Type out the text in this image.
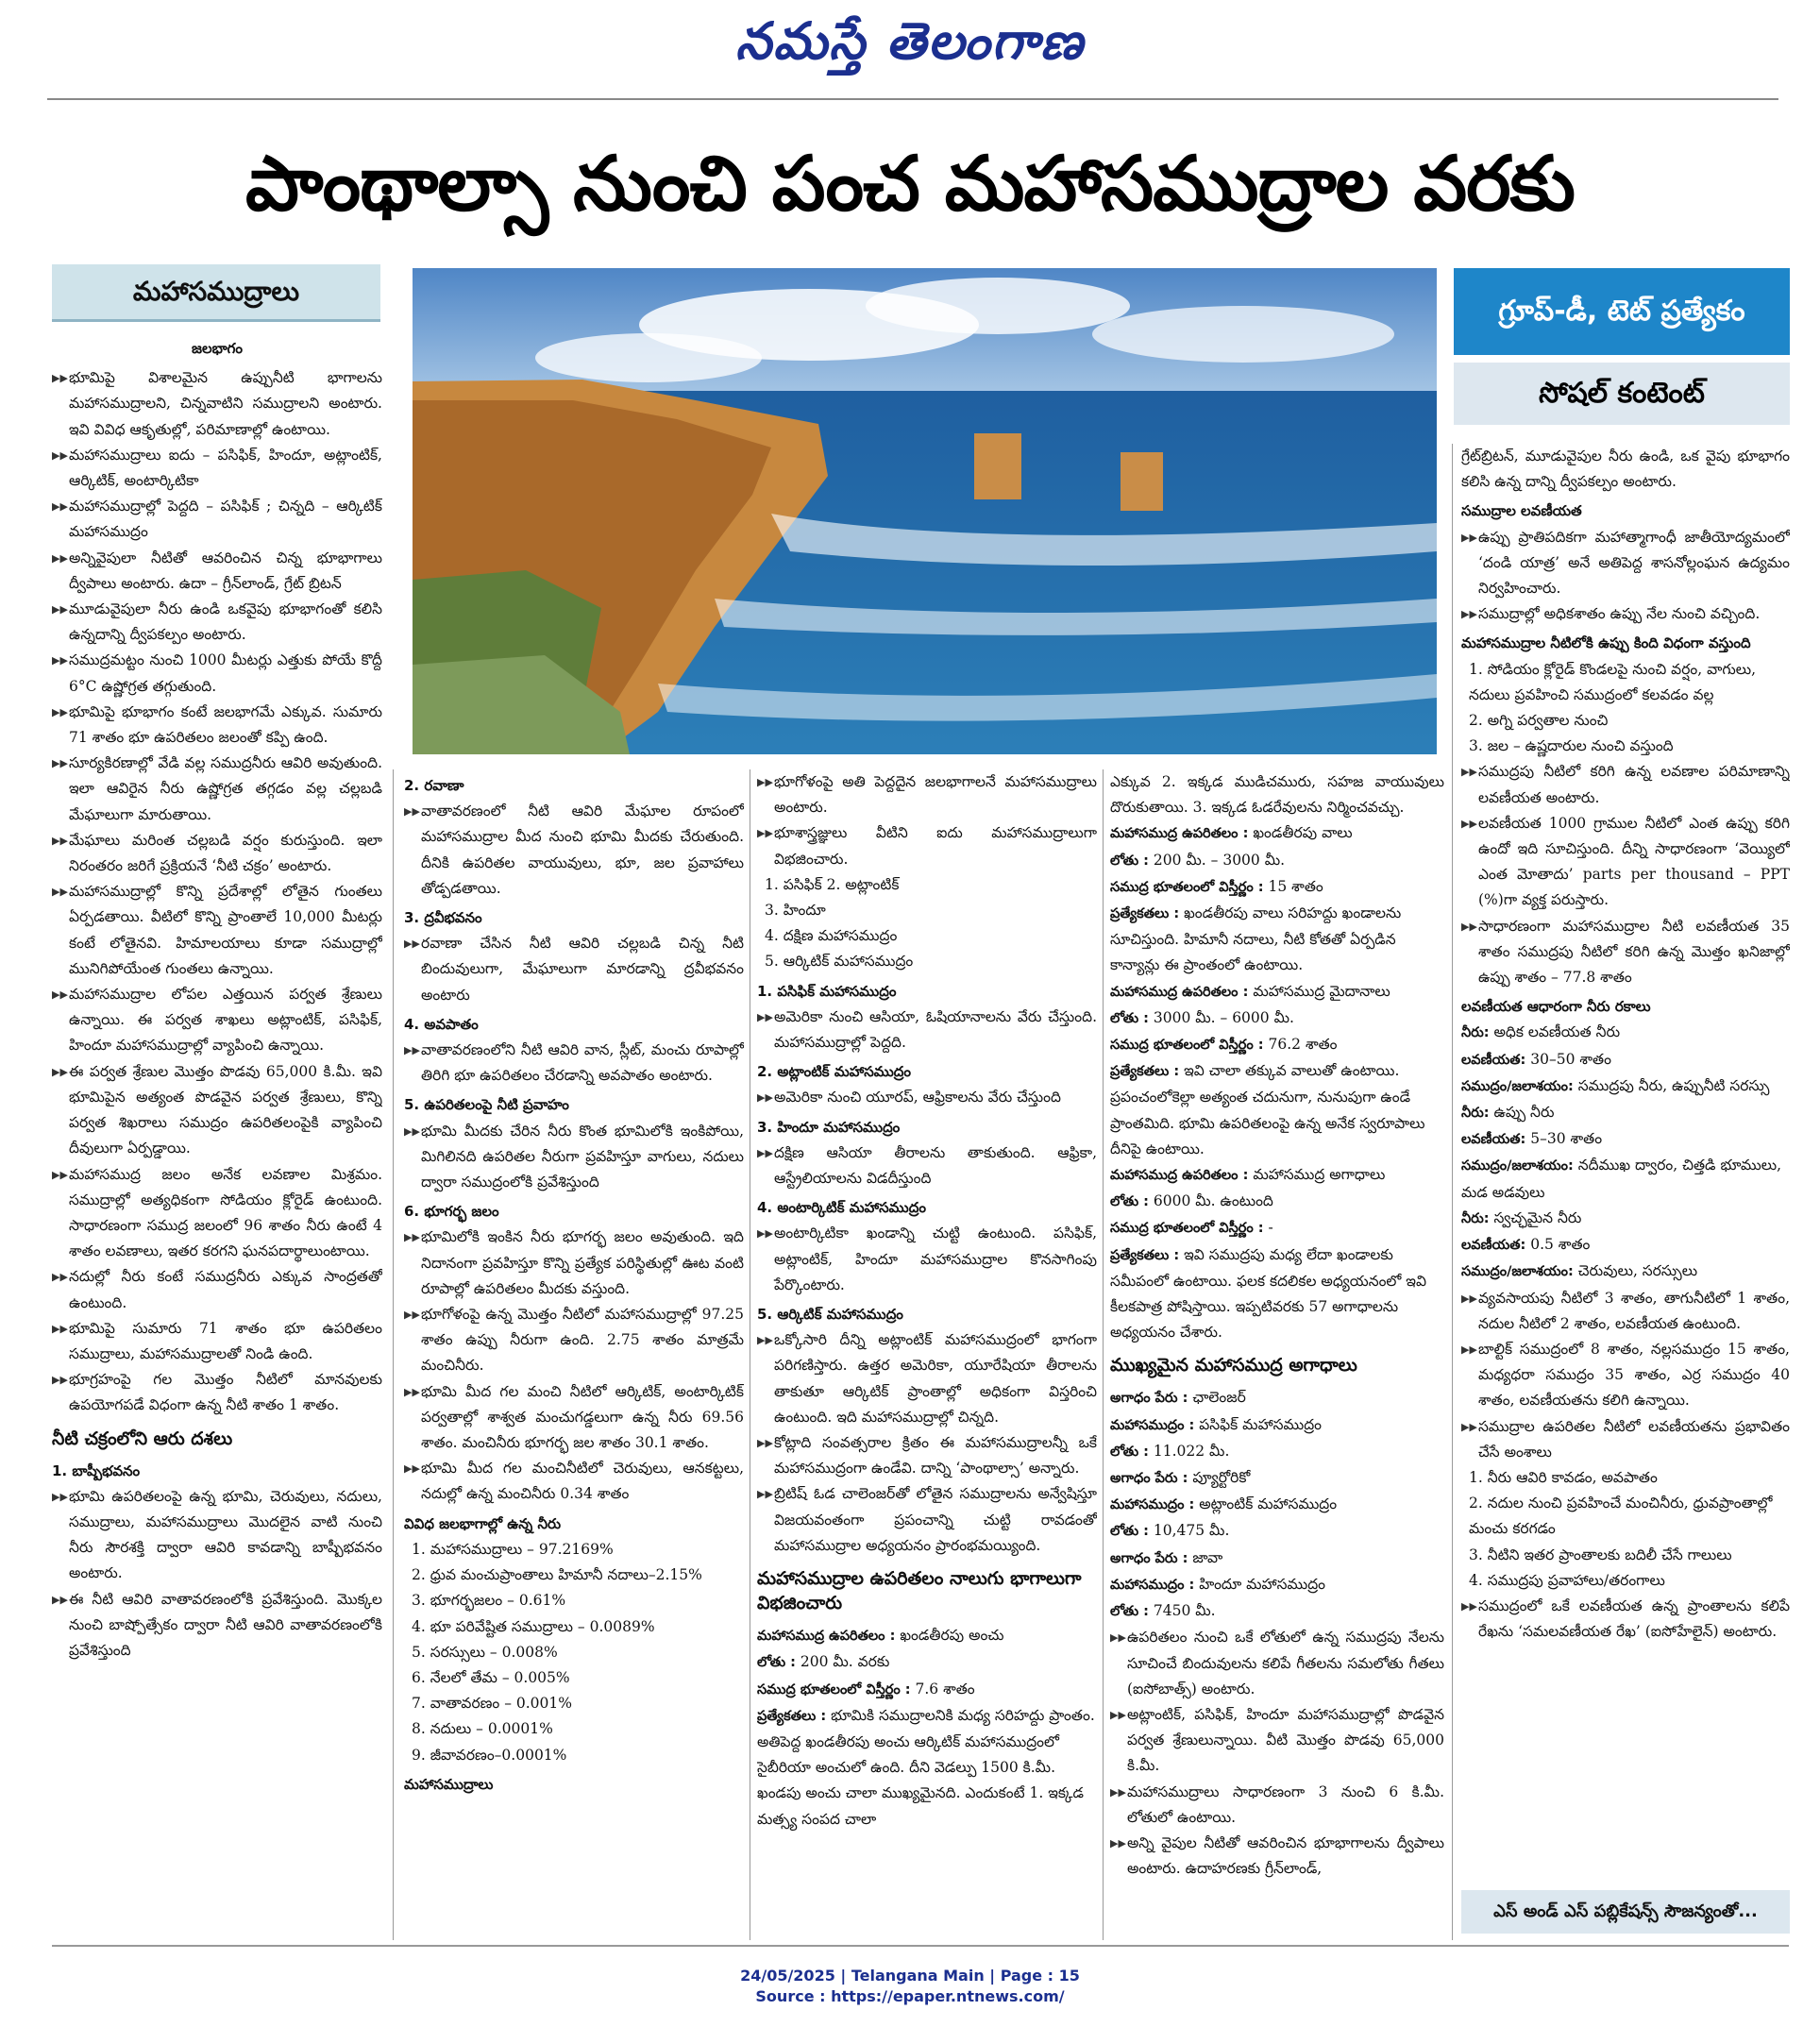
నమస్తే తెలంగాణ
పాంథాల్సా నుంచి పంచ మహాసముద్రాల వరకు
మహాసముద్రాలు
గ్రూప్-డీ, టెట్ ప్రత్యేకం
సోషల్ కంటెంట్

జలభాగం

▶▶ భూమిపై విశాలమైన ఉప్పునీటి భాగాలను మహాసముద్రాలని, చిన్నవాటిని సముద్రాలని అంటారు. ఇవి వివిధ ఆకృతుల్లో, పరిమాణాల్లో ఉంటాయి.
▶▶ మహాసముద్రాలు ఐదు – పసిఫిక్, హిందూ, అట్లాంటిక్, ఆర్కిటిక్, అంటార్కిటికా
▶▶ మహాసముద్రాల్లో పెద్దది – పసిఫిక్ ; చిన్నది – ఆర్కిటిక్ మహాసముద్రం
▶▶ అన్నివైపులా నీటితో ఆవరించిన చిన్న భూభాగాలు ద్వీపాలు అంటారు. ఉదా – గ్రీన్‌లాండ్, గ్రేట్ బ్రిటన్
▶▶ మూడువైపులా నీరు ఉండి ఒకవైపు భూభాగంతో కలిసి ఉన్నదాన్ని ద్వీపకల్పం అంటారు.
▶▶ సముద్రమట్టం నుంచి 1000 మీటర్లు ఎత్తుకు పోయే కొద్దీ 6°C ఉష్ణోగ్రత తగ్గుతుంది.
▶▶ భూమిపై భూభాగం కంటే జలభాగమే ఎక్కువ. సుమారు 71 శాతం భూ ఉపరితలం జలంతో కప్పి ఉంది.
▶▶ సూర్యకిరణాల్లో వేడి వల్ల సముద్రనీరు ఆవిరి అవుతుంది. ఇలా ఆవిరైన నీరు ఉష్ణోగ్రత తగ్గడం వల్ల చల్లబడి మేఘాలుగా మారుతాయి.
▶▶ మేఘాలు మరింత చల్లబడి వర్షం కురుస్తుంది. ఇలా నిరంతరం జరిగే ప్రక్రియనే ‘నీటి చక్రం’ అంటారు.
▶▶ మహాసముద్రాల్లో కొన్ని ప్రదేశాల్లో లోతైన గుంతలు ఏర్పడతాయి. వీటిలో కొన్ని ప్రాంతాలే 10,000 మీటర్లు కంటే లోతైనవి. హిమాలయాలు కూడా సముద్రాల్లో మునిగిపోయేంత గుంతలు ఉన్నాయి.
▶▶ మహాసముద్రాల లోపల ఎత్తయిన పర్వత శ్రేణులు ఉన్నాయి. ఈ పర్వత శాఖలు అట్లాంటిక్, పసిఫిక్, హిందూ మహాసముద్రాల్లో వ్యాపించి ఉన్నాయి.
▶▶ ఈ పర్వత శ్రేణుల మొత్తం పొడవు 65,000 కి.మీ. ఇవి భూమిపైన అత్యంత పొడవైన పర్వత శ్రేణులు, కొన్ని పర్వత శిఖరాలు సముద్రం ఉపరితలంపైకి వ్యాపించి దీవులుగా ఏర్పడ్డాయి.
▶▶ మహాసముద్ర జలం అనేక లవణాల మిశ్రమం. సముద్రాల్లో అత్యధికంగా సోడియం క్లోరైడ్ ఉంటుంది. సాధారణంగా సముద్ర జలంలో 96 శాతం నీరు ఉంటే 4 శాతం లవణాలు, ఇతర కరగని ఘనపదార్థాలుంటాయి.
▶▶ నదుల్లో నీరు కంటే సముద్రనీరు ఎక్కువ సాంద్రతతో ఉంటుంది.
▶▶ భూమిపై సుమారు 71 శాతం భూ ఉపరితలం సముద్రాలు, మహాసముద్రాలతో నిండి ఉంది.
▶▶ భూగ్రహంపై గల మొత్తం నీటిలో మానవులకు ఉపయోగపడే విధంగా ఉన్న నీటి శాతం 1 శాతం.

నీటి చక్రంలోని ఆరు దశలు

1. బాష్పీభవనం

▶▶ భూమి ఉపరితలంపై ఉన్న భూమి, చెరువులు, నదులు, సముద్రాలు, మహాసముద్రాలు మొదలైన వాటి నుంచి నీరు సౌరశక్తి ద్వారా ఆవిరి కావడాన్ని బాష్పీభవనం అంటారు.
▶▶ ఈ నీటి ఆవిరి వాతావరణంలోకి ప్రవేశిస్తుంది. మొక్కల నుంచి బాష్పోత్సేకం ద్వారా నీటి ఆవిరి వాతావరణంలోకి ప్రవేశిస్తుంది

2. రవాణా

▶▶ వాతావరణంలో నీటి ఆవిరి మేఘాల రూపంలో మహాసముద్రాల మీద నుంచి భూమి మీదకు చేరుతుంది. దీనికి ఉపరితల వాయువులు, భూ, జల ప్రవాహాలు తోడ్పడతాయి.

3. ద్రవీభవనం

▶▶ రవాణా చేసిన నీటి ఆవిరి చల్లబడి చిన్న నీటి బిందువులుగా, మేఘాలుగా మారడాన్ని ద్రవీభవనం అంటారు

4. అవపాతం

▶▶ వాతావరణంలోని నీటి ఆవిరి వాన, స్లీట్, మంచు రూపాల్లో తిరిగి భూ ఉపరితలం చేరడాన్ని అవపాతం అంటారు.

5. ఉపరితలంపై నీటి ప్రవాహం

▶▶ భూమి మీదకు చేరిన నీరు కొంత భూమిలోకి ఇంకిపోయి, మిగిలినది ఉపరితల నీరుగా ప్రవహిస్తూ వాగులు, నదులు ద్వారా సముద్రంలోకి ప్రవేశిస్తుంది

6. భూగర్భ జలం

▶▶ భూమిలోకి ఇంకిన నీరు భూగర్భ జలం అవుతుంది. ఇది నిదానంగా ప్రవహిస్తూ కొన్ని ప్రత్యేక పరిస్థితుల్లో ఊట వంటి రూపాల్లో ఉపరితలం మీదకు వస్తుంది.
▶▶ భూగోళంపై ఉన్న మొత్తం నీటిలో మహాసముద్రాల్లో 97.25 శాతం ఉప్పు నీరుగా ఉంది. 2.75 శాతం మాత్రమే మంచినీరు.
▶▶ భూమి మీద గల మంచి నీటిలో ఆర్కిటిక్, అంటార్కిటిక్ పర్వతాల్లో శాశ్వత మంచుగడ్డలుగా ఉన్న నీరు 69.56 శాతం. మంచినీరు భూగర్భ జల శాతం 30.1 శాతం.
▶▶ భూమి మీద గల మంచినీటిలో చెరువులు, ఆనకట్టలు, నదుల్లో ఉన్న మంచినీరు 0.34 శాతం

వివిధ జలభాగాల్లో ఉన్న నీరు

1. మహాసముద్రాలు – 97.2169%

2. ధ్రువ మంచుప్రాంతాలు హిమానీ నదాలు–2.15%

3. భూగర్భజలం – 0.61%

4. భూ పరివేష్టిత సముద్రాలు – 0.0089%

5. సరస్సులు – 0.008%

6. నేలలో తేమ – 0.005%

7. వాతావరణం – 0.001%

8. నదులు – 0.0001%

9. జీవావరణం–0.0001%

మహాసముద్రాలు

▶▶ భూగోళంపై అతి పెద్దదైన జలభాగాలనే మహాసముద్రాలు అంటారు.
▶▶ భూశాస్త్రజ్ఞులు వీటిని ఐదు మహాసముద్రాలుగా విభజించారు.

1. పసిఫిక్ 2. అట్లాంటిక్

3. హిందూ

4. దక్షిణ మహాసముద్రం

5. ఆర్కిటిక్ మహాసముద్రం

1. పసిఫిక్ మహాసముద్రం

▶▶ అమెరికా నుంచి ఆసియా, ఓషియానాలను వేరు చేస్తుంది. మహాసముద్రాల్లో పెద్దది.

2. అట్లాంటిక్ మహాసముద్రం

▶▶ అమెరికా నుంచి యూరప్, ఆఫ్రికాలను వేరు చేస్తుంది

3. హిందూ మహాసముద్రం

▶▶ దక్షిణ ఆసియా తీరాలను తాకుతుంది. ఆఫ్రికా, ఆస్ట్రేలియాలను విడదీస్తుంది

4. అంటార్కిటిక్ మహాసముద్రం

▶▶ అంటార్కిటికా ఖండాన్ని చుట్టి ఉంటుంది. పసిఫిక్, అట్లాంటిక్, హిందూ మహాసముద్రాల కొనసాగింపు పేర్కొంటారు.

5. ఆర్కిటిక్ మహాసముద్రం

▶▶ ఒక్కోసారి దీన్ని అట్లాంటిక్ మహాసముద్రంలో భాగంగా పరిగణిస్తారు. ఉత్తర అమెరికా, యూరేషియా తీరాలను తాకుతూ ఆర్కిటిక్ ప్రాంతాల్లో అధికంగా విస్తరించి ఉంటుంది. ఇది మహాసముద్రాల్లో చిన్నది.
▶▶ కోట్లాది సంవత్సరాల క్రితం ఈ మహాసముద్రాలన్నీ ఒకే మహాసముద్రంగా ఉండేవి. దాన్ని ‘పాంథాల్సా’ అన్నారు.
▶▶ బ్రిటిష్ ఓడ చాలెంజర్‌తో లోతైన సముద్రాలను అన్వేషిస్తూ విజయవంతంగా ప్రపంచాన్ని చుట్టి రావడంతో మహాసముద్రాల అధ్యయనం ప్రారంభమయ్యింది.

మహాసముద్రాల ఉపరితలం నాలుగు భాగాలుగా విభజించారు

మహాసముద్ర ఉపరితలం : ఖండతీరపు అంచు

లోతు : 200 మీ. వరకు

సముద్ర భూతలంలో విస్తీర్ణం : 7.6 శాతం

ప్రత్యేకతలు : భూమికి సముద్రాలనికి మధ్య సరిహద్దు ప్రాంతం. అతిపెద్ద ఖండతీరపు అంచు ఆర్కిటిక్ మహాసముద్రంలో సైబీరియా అంచులో ఉంది. దీని వెడల్పు 1500 కి.మీ. ఖండపు అంచు చాలా ముఖ్యమైనది. ఎందుకంటే 1. ఇక్కడ మత్స్య సంపద చాలా

ఎక్కువ 2. ఇక్కడ ముడిచమురు, సహజ వాయువులు దొరుకుతాయి. 3. ఇక్కడ ఓడరేవులను నిర్మించవచ్చు.

మహాసముద్ర ఉపరితలం : ఖండతీరపు వాలు

లోతు : 200 మీ. – 3000 మీ.

సముద్ర భూతలంలో విస్తీర్ణం : 15 శాతం

ప్రత్యేకతలు : ఖండతీరపు వాలు సరిహద్దు ఖండాలను సూచిస్తుంది. హిమానీ నదాలు, నీటి కోతతో ఏర్పడిన కాన్యాన్లు ఈ ప్రాంతంలో ఉంటాయి.

మహాసముద్ర ఉపరితలం : మహాసముద్ర మైదానాలు

లోతు : 3000 మీ. – 6000 మీ.

సముద్ర భూతలంలో విస్తీర్ణం : 76.2 శాతం

ప్రత్యేకతలు : ఇవి చాలా తక్కువ వాలుతో ఉంటాయి. ప్రపంచంలోకెల్లా అత్యంత చదునుగా, నునుపుగా ఉండే ప్రాంతమిది. భూమి ఉపరితలంపై ఉన్న అనేక స్వరూపాలు దీనిపై ఉంటాయి.

మహాసముద్ర ఉపరితలం : మహాసముద్ర అగాధాలు

లోతు : 6000 మీ. ఉంటుంది

సముద్ర భూతలంలో విస్తీర్ణం : -

ప్రత్యేకతలు : ఇవి సముద్రపు మధ్య లేదా ఖండాలకు సమీపంలో ఉంటాయి. ఫలక కదలికల అధ్యయనంలో ఇవి కీలకపాత్ర పోషిస్తాయి. ఇప్పటివరకు 57 అగాధాలను అధ్యయనం చేశారు.

ముఖ్యమైన మహాసముద్ర అగాధాలు

అగాధం పేరు : ఛాలెంజర్

మహాసముద్రం : పసిఫిక్ మహాసముద్రం

లోతు : 11.022 మీ.

అగాధం పేరు : ప్యూర్టోరికో

మహాసముద్రం : అట్లాంటిక్ మహాసముద్రం

లోతు : 10,475 మీ.

అగాధం పేరు : జావా

మహాసముద్రం : హిందూ మహాసముద్రం

లోతు : 7450 మీ.

▶▶ ఉపరితలం నుంచి ఒకే లోతులో ఉన్న సముద్రపు నేలను సూచించే బిందువులను కలిపే గీతలను సమలోతు గీతలు (ఐసోబాత్స్) అంటారు.
▶▶ అట్లాంటిక్, పసిఫిక్, హిందూ మహాసముద్రాల్లో పొడవైన పర్వత శ్రేణులున్నాయి. వీటి మొత్తం పొడవు 65,000 కి.మీ.
▶▶ మహాసముద్రాలు సాధారణంగా 3 నుంచి 6 కి.మీ. లోతులో ఉంటాయి.
▶▶ అన్ని వైపుల నీటితో ఆవరించిన భూభాగాలను ద్వీపాలు అంటారు. ఉదాహరణకు గ్రీన్‌లాండ్,

గ్రేట్‌బ్రిటన్, మూడువైపుల నీరు ఉండి, ఒక వైపు భూభాగం కలిసి ఉన్న దాన్ని ద్వీపకల్పం అంటారు.

సముద్రాల లవణీయత

▶▶ ఉప్పు ప్రాతిపదికగా మహాత్మాగాంధీ జాతీయోద్యమంలో ‘దండి యాత్ర’ అనే అతిపెద్ద శాసనోల్లంఘన ఉద్యమం నిర్వహించారు.
▶▶ సముద్రాల్లో అధికశాతం ఉప్పు నేల నుంచి వచ్చింది.

మహాసముద్రాల నీటిలోకి ఉప్పు కింది విధంగా వస్తుంది

1. సోడియం క్లోరైడ్ కొండలపై నుంచి వర్షం, వాగులు, నదులు ప్రవహించి సముద్రంలో కలవడం వల్ల

2. అగ్ని పర్వతాల నుంచి

3. జల – ఉష్ణదారుల నుంచి వస్తుంది

▶▶ సముద్రపు నీటిలో కరిగి ఉన్న లవణాల పరిమాణాన్ని లవణీయత అంటారు.
▶▶ లవణీయత 1000 గ్రాముల నీటిలో ఎంత ఉప్పు కరిగి ఉందో ఇది సూచిస్తుంది. దీన్ని సాధారణంగా ‘వెయ్యిలో ఎంత మోతాదు’ parts per thousand – PPT (%)గా వ్యక్త పరుస్తారు.
▶▶ సాధారణంగా మహాసముద్రాల నీటి లవణీయత 35 శాతం సముద్రపు నీటిలో కరిగి ఉన్న మొత్తం ఖనిజాల్లో ఉప్పు శాతం – 77.8 శాతం

లవణీయత ఆధారంగా నీరు రకాలు

నీరు: అధిక లవణీయత నీరు

లవణీయత: 30–50 శాతం

సముద్రం/జలాశయం: సముద్రపు నీరు, ఉప్పునీటి సరస్సు

నీరు: ఉప్పు నీరు

లవణీయత: 5–30 శాతం

సముద్రం/జలాశయం: నదీముఖ ద్వారం, చిత్తడి భూములు, మడ అడవులు

నీరు: స్వచ్ఛమైన నీరు

లవణీయత: 0.5 శాతం

సముద్రం/జలాశయం: చెరువులు, సరస్సులు

▶▶ వ్యవసాయపు నీటిలో 3 శాతం, తాగునీటిలో 1 శాతం, నదుల నీటిలో 2 శాతం, లవణీయత ఉంటుంది.
▶▶ బాల్టిక్ సముద్రంలో 8 శాతం, నల్లసముద్రం 15 శాతం, మధ్యధరా సముద్రం 35 శాతం, ఎర్ర సముద్రం 40 శాతం, లవణీయతను కలిగి ఉన్నాయి.
▶▶ సముద్రాల ఉపరితల నీటిలో లవణీయతను ప్రభావితం చేసే అంశాలు

1. నీరు ఆవిరి కావడం, అవపాతం

2. నదుల నుంచి ప్రవహించే మంచినీరు, ధ్రువప్రాంతాల్లో మంచు కరగడం

3. నీటిని ఇతర ప్రాంతాలకు బదిలీ చేసే గాలులు

4. సముద్రపు ప్రవాహాలు/తరంగాలు

▶▶ సముద్రంలో ఒకే లవణీయత ఉన్న ప్రాంతాలను కలిపే రేఖను ‘సమలవణీయత రేఖ’ (ఐసోహేలైన్) అంటారు.
ఎస్ అండ్ ఎస్ పబ్లికేషన్స్ సౌజన్యంతో...
24/05/2025 | Telangana Main | Page : 15
Source : https://epaper.ntnews.com/
